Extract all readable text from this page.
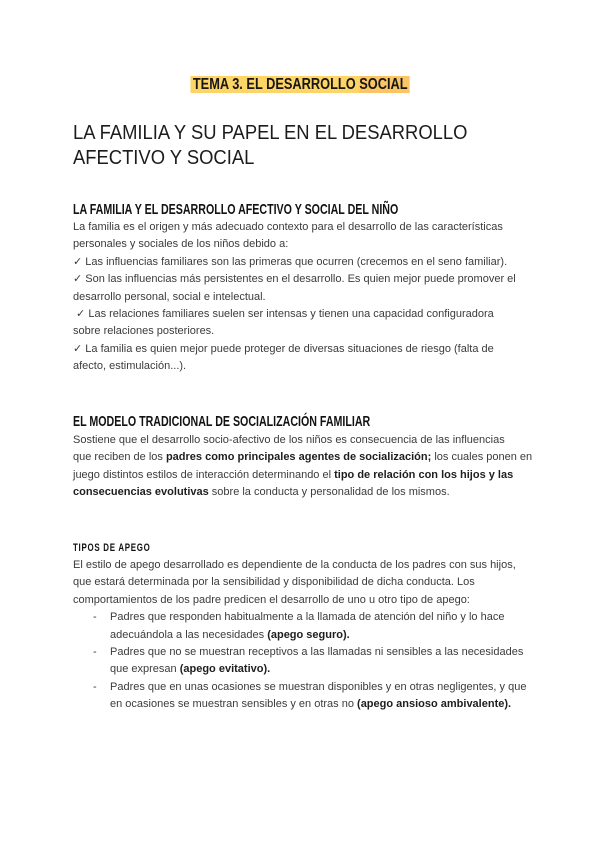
TEMA 3. EL DESARROLLO SOCIAL
LA FAMILIA Y SU PAPEL EN EL DESARROLLO
AFECTIVO Y SOCIAL
LA FAMILIA Y EL DESARROLLO AFECTIVO Y SOCIAL DEL NIÑO
La familia es el origen y más adecuado contexto para el desarrollo de las características
personales y sociales de los niños debido a:
✓ Las influencias familiares son las primeras que ocurren (crecemos en el seno familiar).
✓ Son las influencias más persistentes en el desarrollo. Es quien mejor puede promover el
desarrollo personal, social e intelectual.
✓ Las relaciones familiares suelen ser intensas y tienen una capacidad configuradora
sobre relaciones posteriores.
✓ La familia es quien mejor puede proteger de diversas situaciones de riesgo (falta de
afecto, estimulación...).
EL MODELO TRADICIONAL DE SOCIALIZACIÓN FAMILIAR
Sostiene que el desarrollo socio-afectivo de los niños es consecuencia de las influencias
que reciben de los padres como principales agentes de socialización; los cuales ponen en
juego distintos estilos de interacción determinando el tipo de relación con los hijos y las
consecuencias evolutivas sobre la conducta y personalidad de los mismos.
TIPOS DE APEGO
El estilo de apego desarrollado es dependiente de la conducta de los padres con sus hijos,
que estará determinada por la sensibilidad y disponibilidad de dicha conducta. Los
comportamientos de los padre predicen el desarrollo de uno u otro tipo de apego:
- Padres que responden habitualmente a la llamada de atención del niño y lo hace
adecuándola a las necesidades (apego seguro).
- Padres que no se muestran receptivos a las llamadas ni sensibles a las necesidades
que expresan (apego evitativo).
- Padres que en unas ocasiones se muestran disponibles y en otras negligentes, y que
en ocasiones se muestran sensibles y en otras no (apego ansioso ambivalente).
